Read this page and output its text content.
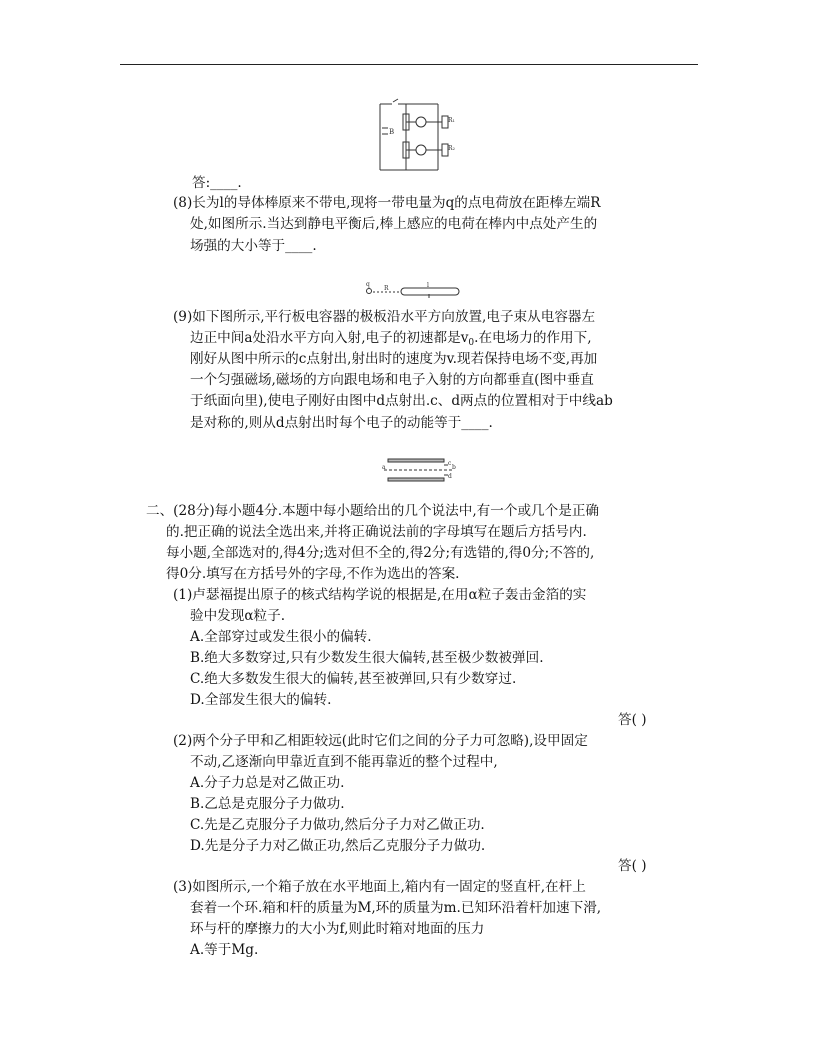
B
R₁
R₂
答:____.
(8)长为l的导体棒原来不带电,现将一带电量为q的点电荷放在距棒左端R
处,如图所示.当达到静电平衡后,棒上感应的电荷在棒内中点处产生的
场强的大小等于____.
q
R	l
(9)如下图所示,平行板电容器的极板沿水平方向放置,电子束从电容器左
边正中间a处沿水平方向入射,电子的初速都是$v_0$.在电场力的作用下,
刚好从图中所示的c点射出,射出时的速度为v.现若保持电场不变,再加
一个匀强磁场,磁场的方向跟电场和电子入射的方向都垂直(图中垂直
于纸面向里),使电子刚好由图中d点射出.c、d两点的位置相对于中线ab
是对称的,则从d点射出时每个电子的动能等于____.
a	b
c
d
二、(28分)每小题4分.本题中每小题给出的几个说法中,有一个或几个是正确
的.把正确的说法全选出来,并将正确说法前的字母填写在题后方括号内.
每小题,全部选对的,得4分;选对但不全的,得2分;有选错的,得0分;不答的,
得0分.填写在方括号外的字母,不作为选出的答案.
(1)卢瑟福提出原子的核式结构学说的根据是,在用α粒子轰击金箔的实
验中发现α粒子.
A.全部穿过或发生很小的偏转.
B.绝大多数穿过,只有少数发生很大偏转,甚至极少数被弹回.
C.绝大多数发生很大的偏转,甚至被弹回,只有少数穿过.
D.全部发生很大的偏转.
答( )
(2)两个分子甲和乙相距较远(此时它们之间的分子力可忽略),设甲固定
不动,乙逐渐向甲靠近直到不能再靠近的整个过程中,
A.分子力总是对乙做正功.
B.乙总是克服分子力做功.
C.先是乙克服分子力做功,然后分子力对乙做正功.
D.先是分子力对乙做正功,然后乙克服分子力做功.
答( )
(3)如图所示,一个箱子放在水平地面上,箱内有一固定的竖直杆,在杆上
套着一个环.箱和杆的质量为M,环的质量为m.已知环沿着杆加速下滑,
环与杆的摩擦力的大小为f,则此时箱对地面的压力
A.等于Mg.
